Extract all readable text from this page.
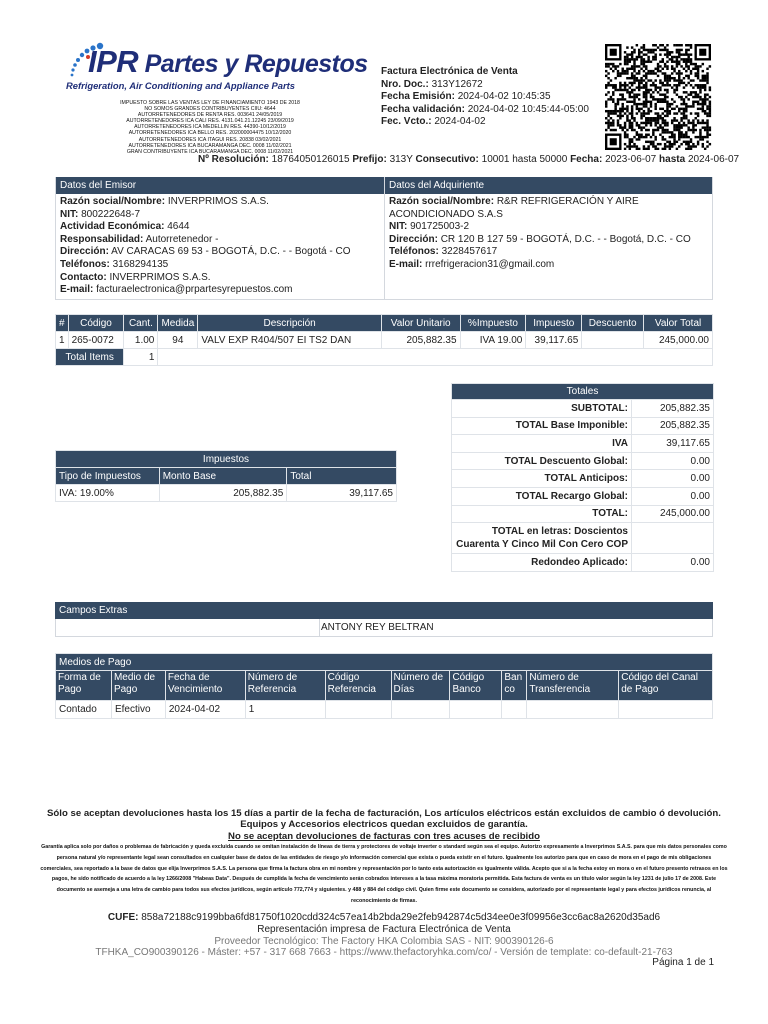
IPR Partes y Repuestos
Refrigeration, Air Conditioning and Appliance Parts
IMPUESTO SOBRE LAS VENTAS LEY DE FINANCIAMIENTO 1943 DE 2018
NO SOMOS GRANDES CONTRIBUYENTES CIIU: 4644
AUTORRETENEDORES DE RENTA RES. 003641 24/05/2019
AUTORRETENEDORES ICA CALI RES. 4131.041.21.12245 23/09/2019
AUTORRETENEDORES ICA MEDELLIN RES. 44390-10/12/2019
AUTORRETENEDORES ICA BELLO RES. 202000004475 10/12/2020
AUTORRETENEDORES ICA ITAGUI RES. 20838 03/02/2021
AUTORRETENEDORES ICA BUCARAMANGA DEC. 0008 11/02/2021
GRAN CONTRIBUYENTE ICA BUCARAMANGA DEC. 0008 11/02/2021
Factura Electrónica de Venta
Nro. Doc.: 313Y12672
Fecha Emisión: 2024-04-02 10:45:35
Fecha validación: 2024-04-02 10:45:44-05:00
Fec. Vcto.: 2024-04-02
Nº Resolución: 18764050126015 Prefijo: 313Y Consecutivo: 10001 hasta 50000 Fecha: 2023-06-07 hasta 2024-06-07
Datos del Emisor
Razón social/Nombre: INVERPRIMOS S.A.S.
NIT: 800222648-7
Actividad Económica: 4644
Responsabilidad: Autorretenedor -
Dirección: AV CARACAS 69 53 - BOGOTÁ, D.C. - - Bogotá - CO
Teléfonos: 3168294135
Contacto: INVERPRIMOS S.A.S.
E-mail: facturaelectronica@prpartesyrepuestos.com
Datos del Adquiriente
Razón social/Nombre: R&R REFRIGERACIÓN Y AIRE ACONDICIONADO S.A.S
NIT: 901725003-2
Dirección: CR 120 B 127 59 - BOGOTÁ, D.C. - - Bogotá, D.C. - CO
Teléfonos: 3228457617
E-mail: rrrefrigeracion31@gmail.com
#	Código	Cant.	Medida	Descripción	Valor Unitario	%Impuesto	Impuesto	Descuento	Valor Total
1	265-0072	1.00	94	VALV EXP R404/507 EI TS2 DAN	205,882.35	IVA 19.00	39,117.65		245,000.00
Total Items		1							
Totales	
SUBTOTAL:	205,882.35
TOTAL Base Imponible:	205,882.35
IVA	39,117.65
TOTAL Descuento Global:	0.00
TOTAL Anticipos:	0.00
TOTAL Recargo Global:	0.00
TOTAL:	245,000.00
TOTAL en letras: Doscientos Cuarenta Y Cinco Mil Con Cero COP	
Redondeo Aplicado:	0.00
Impuestos		
Tipo de Impuestos	Monto Base	Total
IVA: 19.00%	205,882.35	39,117.65
Campos Extras
ANTONY REY BELTRAN
Medios de Pago									
Forma de Pago	Medio de Pago	Fecha de Vencimiento	Número de Referencia	Código Referencia	Número de Días	Código Banco	Ban co	Número de Transferencia	Código del Canal de Pago
Contado	Efectivo	2024-04-02	1						
Sólo se aceptan devoluciones hasta los 15 días a partir de la fecha de facturación, Los artículos eléctricos están excluidos de cambio ó devolución.
Equipos y Accesorios electricos quedan excluidos de garantía.
No se aceptan devoluciones de facturas con tres acuses de recibido
Garantía aplica solo por daños o problemas de fabricación y queda excluida cuando se omitan instalación de líneas de tierra y protectores de voltaje inverter o standard según sea el equipo. Autorizo expresamente a Inverprimos S.A.S. para que mis datos personales como persona natural y/o representante legal sean consultados en cualquier base de datos de las entidades de riesgo y/o información comercial que exista o pueda existir en el futuro. Igualmente los autorizo para que en caso de mora en el pago de mis obligaciones comerciales, sea reportado a la base de datos que elija Inverprimos S.A.S. La persona que firma la factura obra en mi nombre y representación por lo tanto esta autorización es igualmente válida. Acepto que si a la fecha estoy en mora o en el futuro presento retrasos en los pagos, he sido notificado de acuerdo a la ley 1266/2008 "Habeas Data". Después de cumplida la fecha de vencimiento serán cobrados intereses a la tasa máxima moratoria permitida. Esta factura de venta es un título valor según la ley 1231 de julio 17 de 2008. Este documento se asemeja a una letra de cambio para todos sus efectos jurídicos, según artículo 772,774 y siguientes. y 488 y 884 del código civil. Quien firme este documento se considera, autorizado por el representante legal y para efectos jurídicos renuncia, al reconocimiento de firmas.
CUFE: 858a72188c9199bba6fd81750f1020cdd324c57ea14b2bda29e2feb942874c5d34ee0e3f09956e3cc6ac8a2620d35ad6
Representación impresa de Factura Electrónica de Venta
Proveedor Tecnológico: The Factory HKA Colombia SAS - NIT: 900390126-6
TFHKA_CO900390126 - Máster: +57 - 317 668 7663 - https://www.thefactoryhka.com/co/ - Versión de template: co-default-21-763
Página 1 de 1
